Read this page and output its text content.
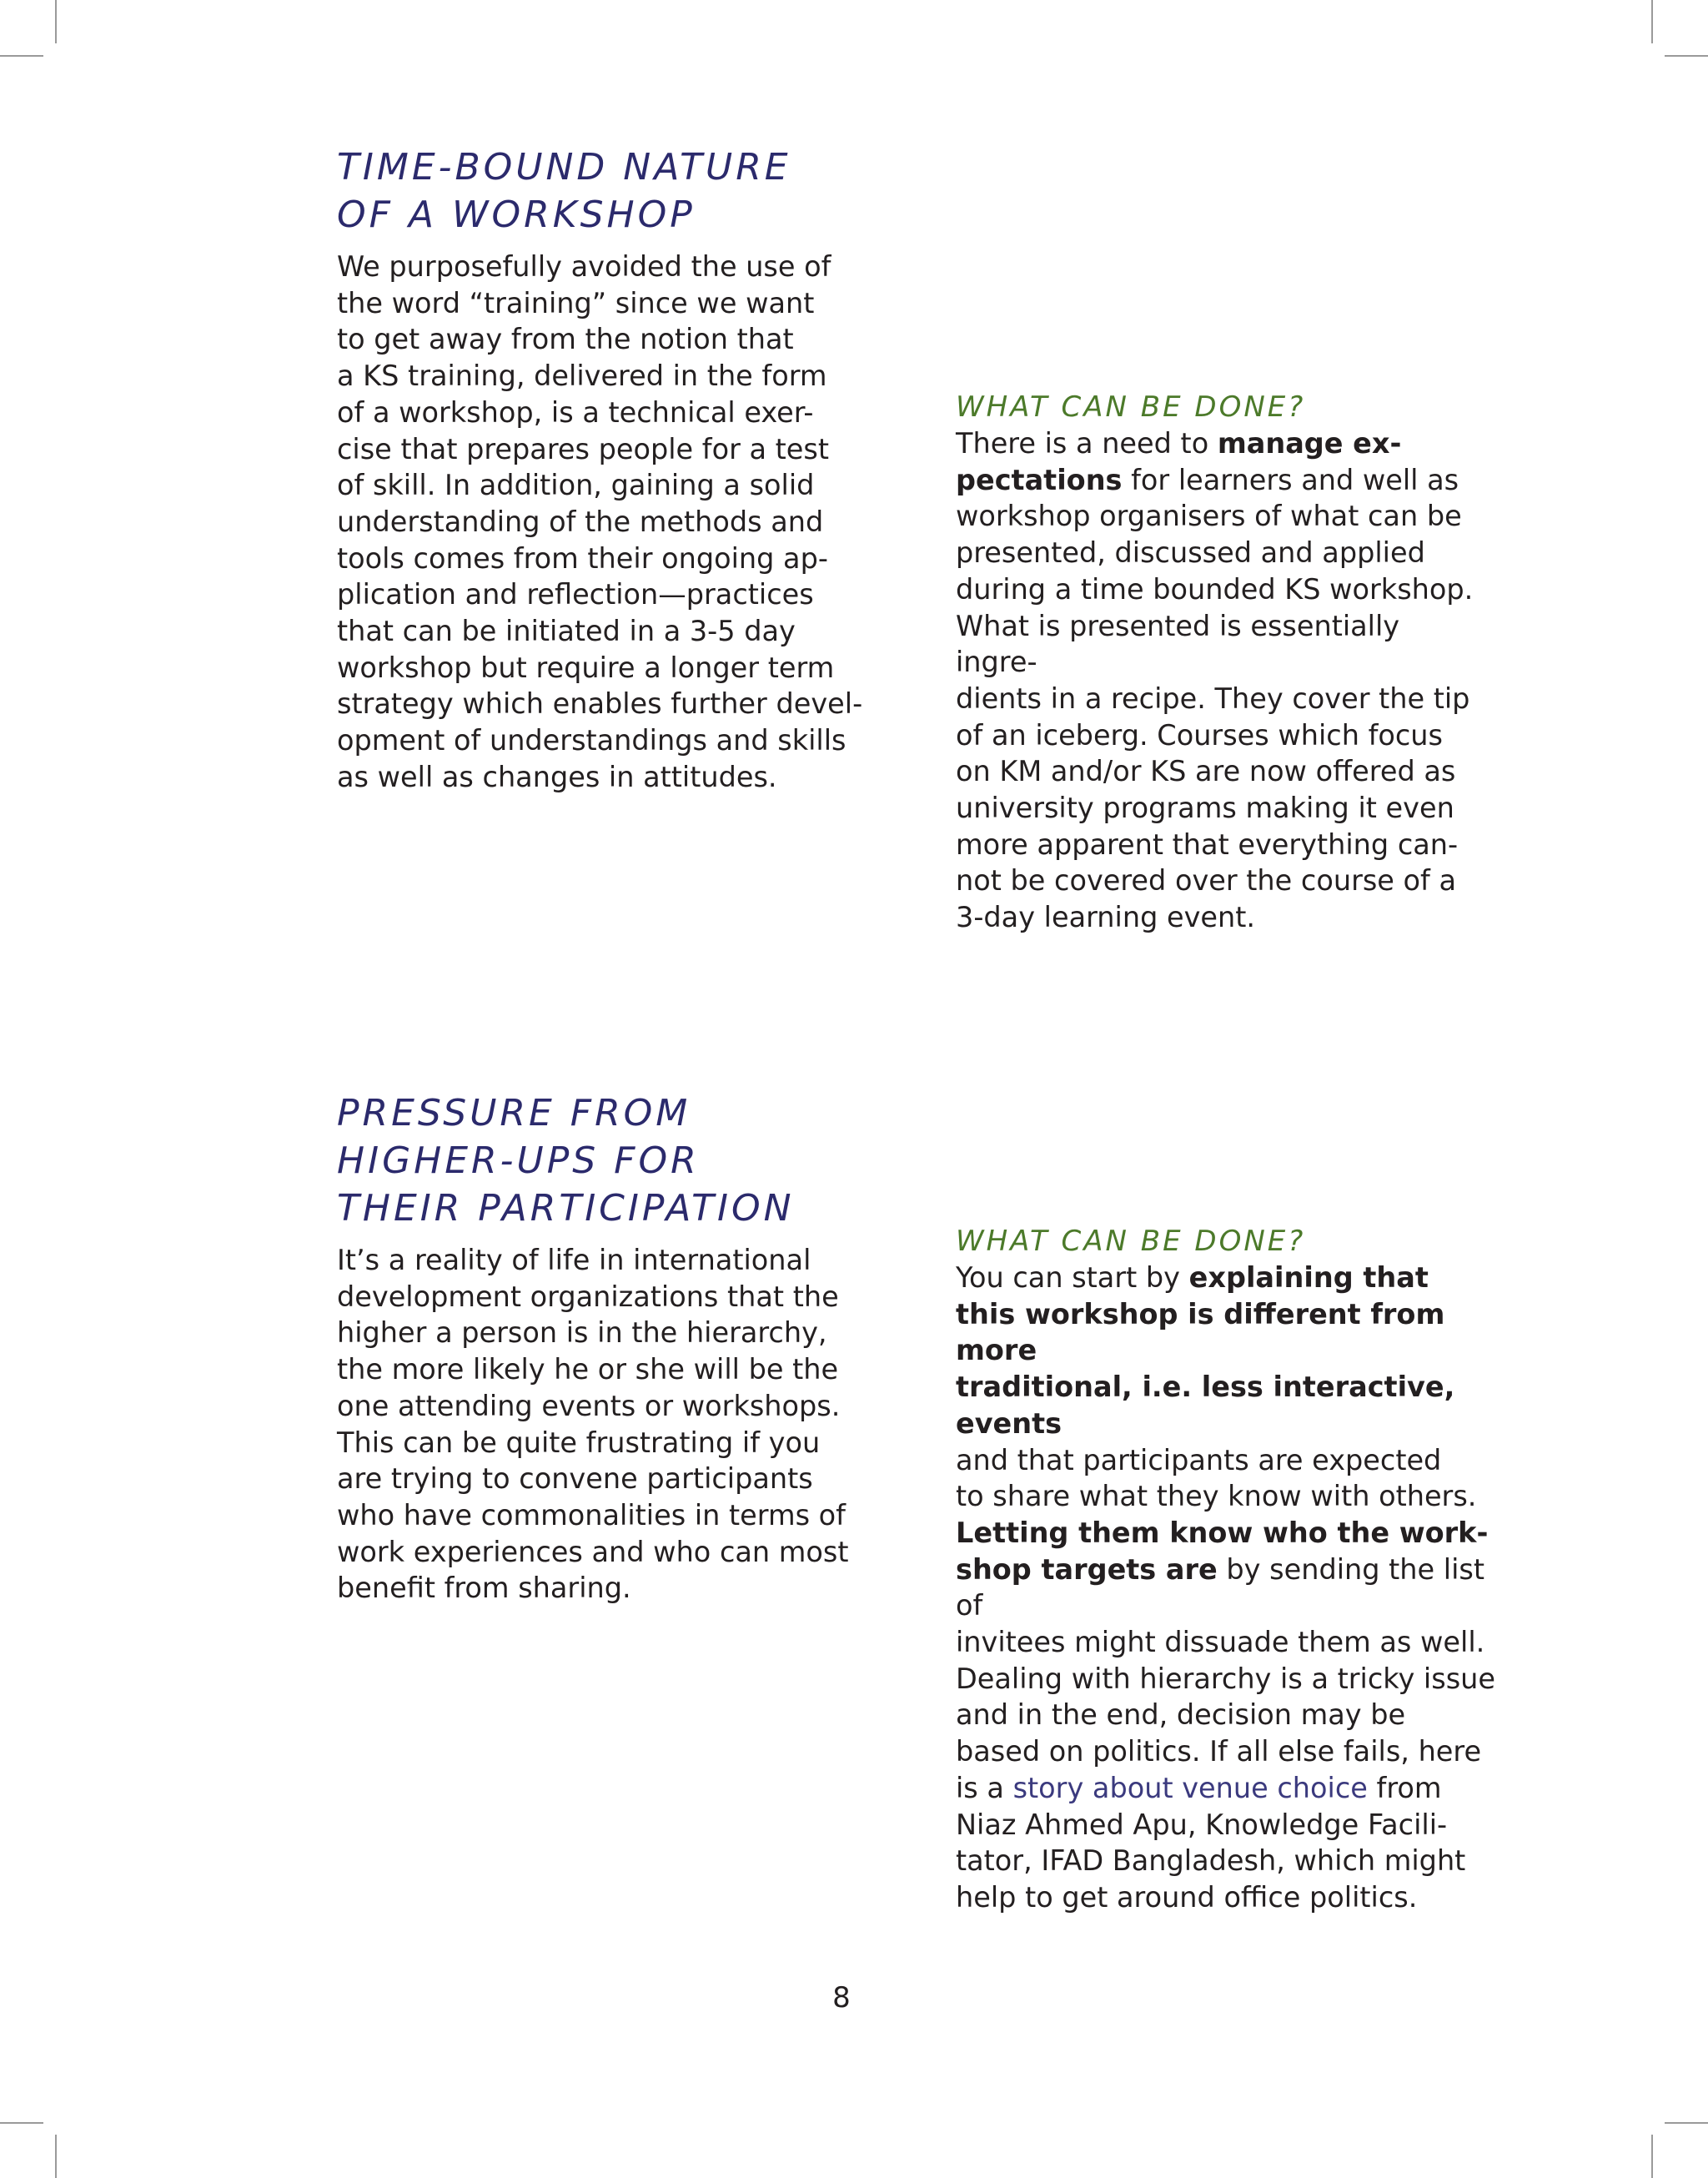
TIME-BOUND NATURE
OF A WORKSHOP
We purposefully avoided the use of
the word “training” since we want
to get away from the notion that
a KS training, delivered in the form
of a workshop, is a technical exer-
cise that prepares people for a test
of skill. In addition, gaining a solid
understanding of the methods and
tools comes from their ongoing ap-
plication and reflection—practices
that can be initiated in a 3-5 day
workshop but require a longer term
strategy which enables further devel-
opment of understandings and skills
as well as changes in attitudes.
WHAT CAN BE DONE?
There is a need to manage ex-
pectations for learners and well as
workshop organisers of what can be
presented, discussed and applied
during a time bounded KS workshop.
What is presented is essentially ingre-
dients in a recipe. They cover the tip
of an iceberg. Courses which focus
on KM and/or KS are now offered as
university programs making it even
more apparent that everything can-
not be covered over the course of a
3-day learning event.
PRESSURE FROM
HIGHER-UPS FOR
THEIR PARTICIPATION
It’s a reality of life in international
development organizations that the
higher a person is in the hierarchy,
the more likely he or she will be the
one attending events or workshops.
This can be quite frustrating if you
are trying to convene participants
who have commonalities in terms of
work experiences and who can most
benefit from sharing.
WHAT CAN BE DONE?
You can start by explaining that
this workshop is different from more
traditional, i.e. less interactive, events
and that participants are expected
to share what they know with others.
Letting them know who the work-
shop targets are by sending the list of
invitees might dissuade them as well.
Dealing with hierarchy is a tricky issue
and in the end, decision may be
based on politics. If all else fails, here
is a story about venue choice from
Niaz Ahmed Apu, Knowledge Facili-
tator, IFAD Bangladesh, which might
help to get around office politics.
8
